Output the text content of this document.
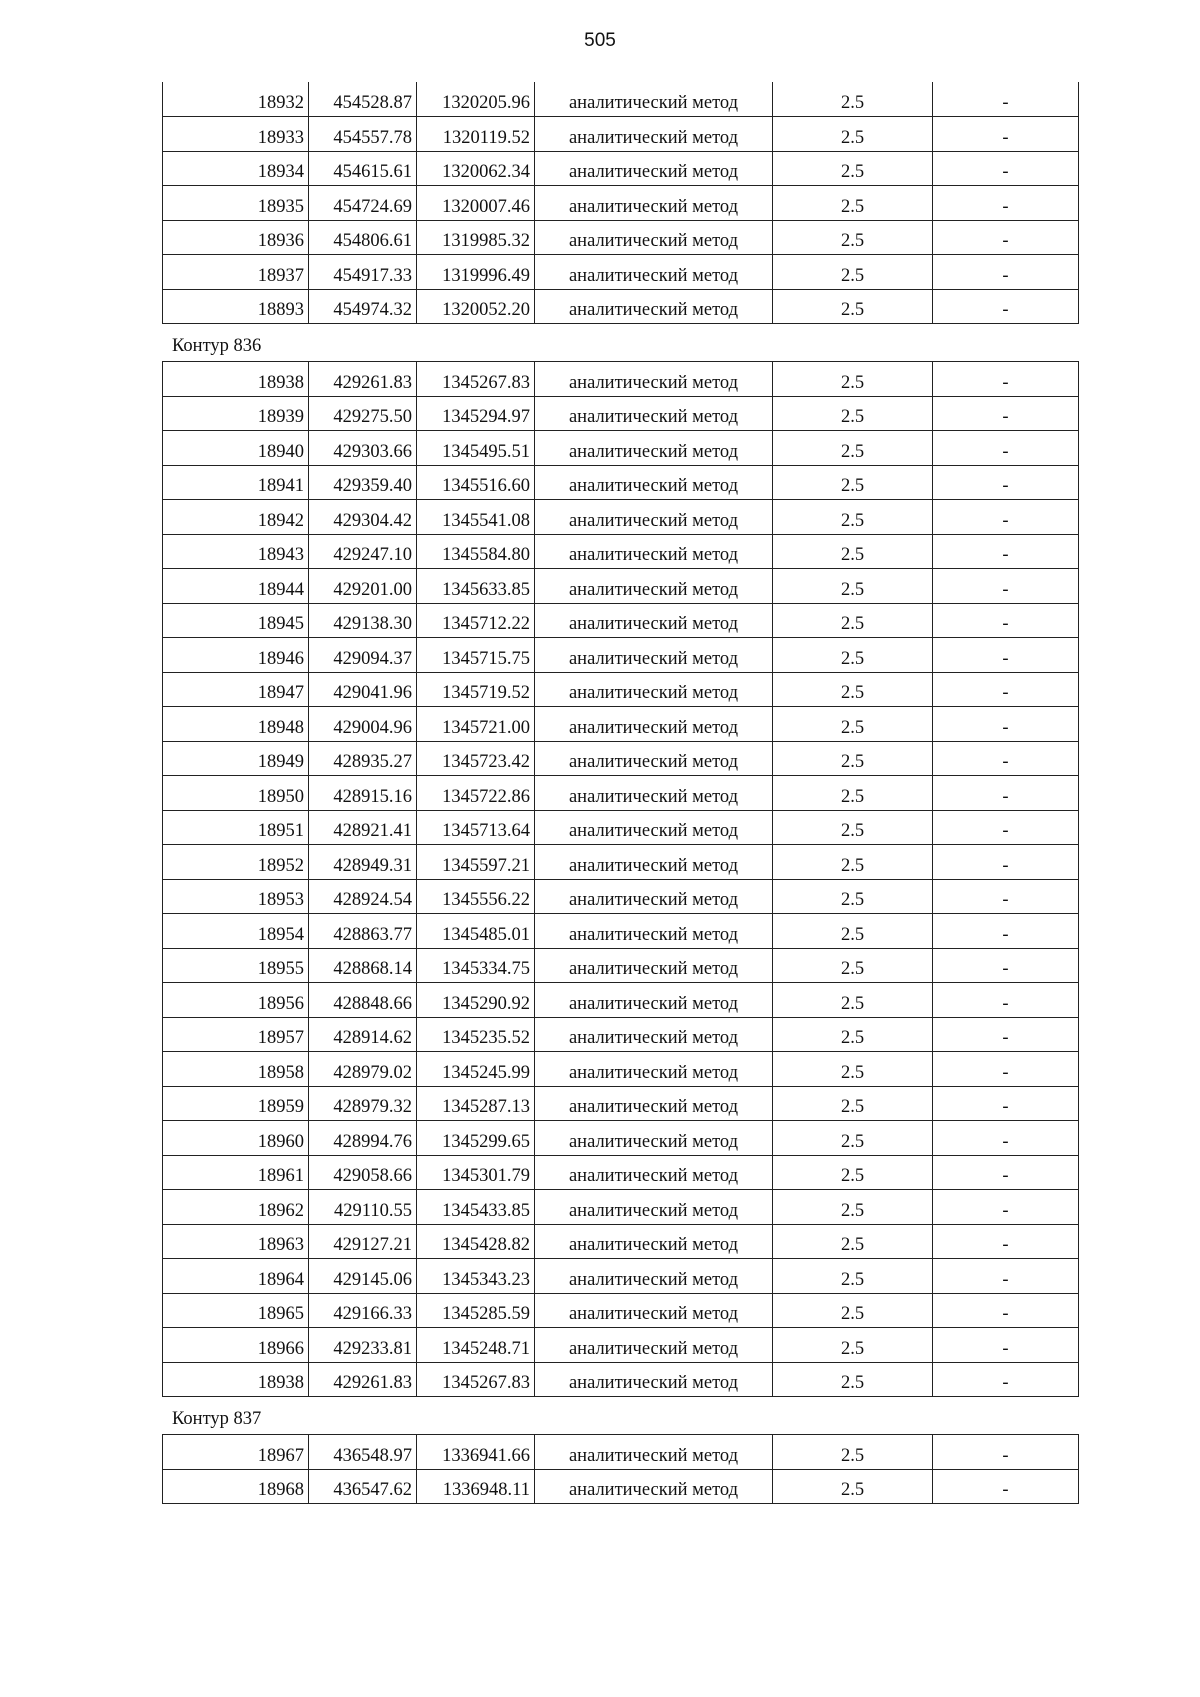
505
18932	454528.87	1320205.96	аналитический метод	2.5	-
18933	454557.78	1320119.52	аналитический метод	2.5	-
18934	454615.61	1320062.34	аналитический метод	2.5	-
18935	454724.69	1320007.46	аналитический метод	2.5	-
18936	454806.61	1319985.32	аналитический метод	2.5	-
18937	454917.33	1319996.49	аналитический метод	2.5	-
18893	454974.32	1320052.20	аналитический метод	2.5	-
Контур 836
18938	429261.83	1345267.83	аналитический метод	2.5	-
18939	429275.50	1345294.97	аналитический метод	2.5	-
18940	429303.66	1345495.51	аналитический метод	2.5	-
18941	429359.40	1345516.60	аналитический метод	2.5	-
18942	429304.42	1345541.08	аналитический метод	2.5	-
18943	429247.10	1345584.80	аналитический метод	2.5	-
18944	429201.00	1345633.85	аналитический метод	2.5	-
18945	429138.30	1345712.22	аналитический метод	2.5	-
18946	429094.37	1345715.75	аналитический метод	2.5	-
18947	429041.96	1345719.52	аналитический метод	2.5	-
18948	429004.96	1345721.00	аналитический метод	2.5	-
18949	428935.27	1345723.42	аналитический метод	2.5	-
18950	428915.16	1345722.86	аналитический метод	2.5	-
18951	428921.41	1345713.64	аналитический метод	2.5	-
18952	428949.31	1345597.21	аналитический метод	2.5	-
18953	428924.54	1345556.22	аналитический метод	2.5	-
18954	428863.77	1345485.01	аналитический метод	2.5	-
18955	428868.14	1345334.75	аналитический метод	2.5	-
18956	428848.66	1345290.92	аналитический метод	2.5	-
18957	428914.62	1345235.52	аналитический метод	2.5	-
18958	428979.02	1345245.99	аналитический метод	2.5	-
18959	428979.32	1345287.13	аналитический метод	2.5	-
18960	428994.76	1345299.65	аналитический метод	2.5	-
18961	429058.66	1345301.79	аналитический метод	2.5	-
18962	429110.55	1345433.85	аналитический метод	2.5	-
18963	429127.21	1345428.82	аналитический метод	2.5	-
18964	429145.06	1345343.23	аналитический метод	2.5	-
18965	429166.33	1345285.59	аналитический метод	2.5	-
18966	429233.81	1345248.71	аналитический метод	2.5	-
18938	429261.83	1345267.83	аналитический метод	2.5	-
Контур 837
18967	436548.97	1336941.66	аналитический метод	2.5	-
18968	436547.62	1336948.11	аналитический метод	2.5	-
